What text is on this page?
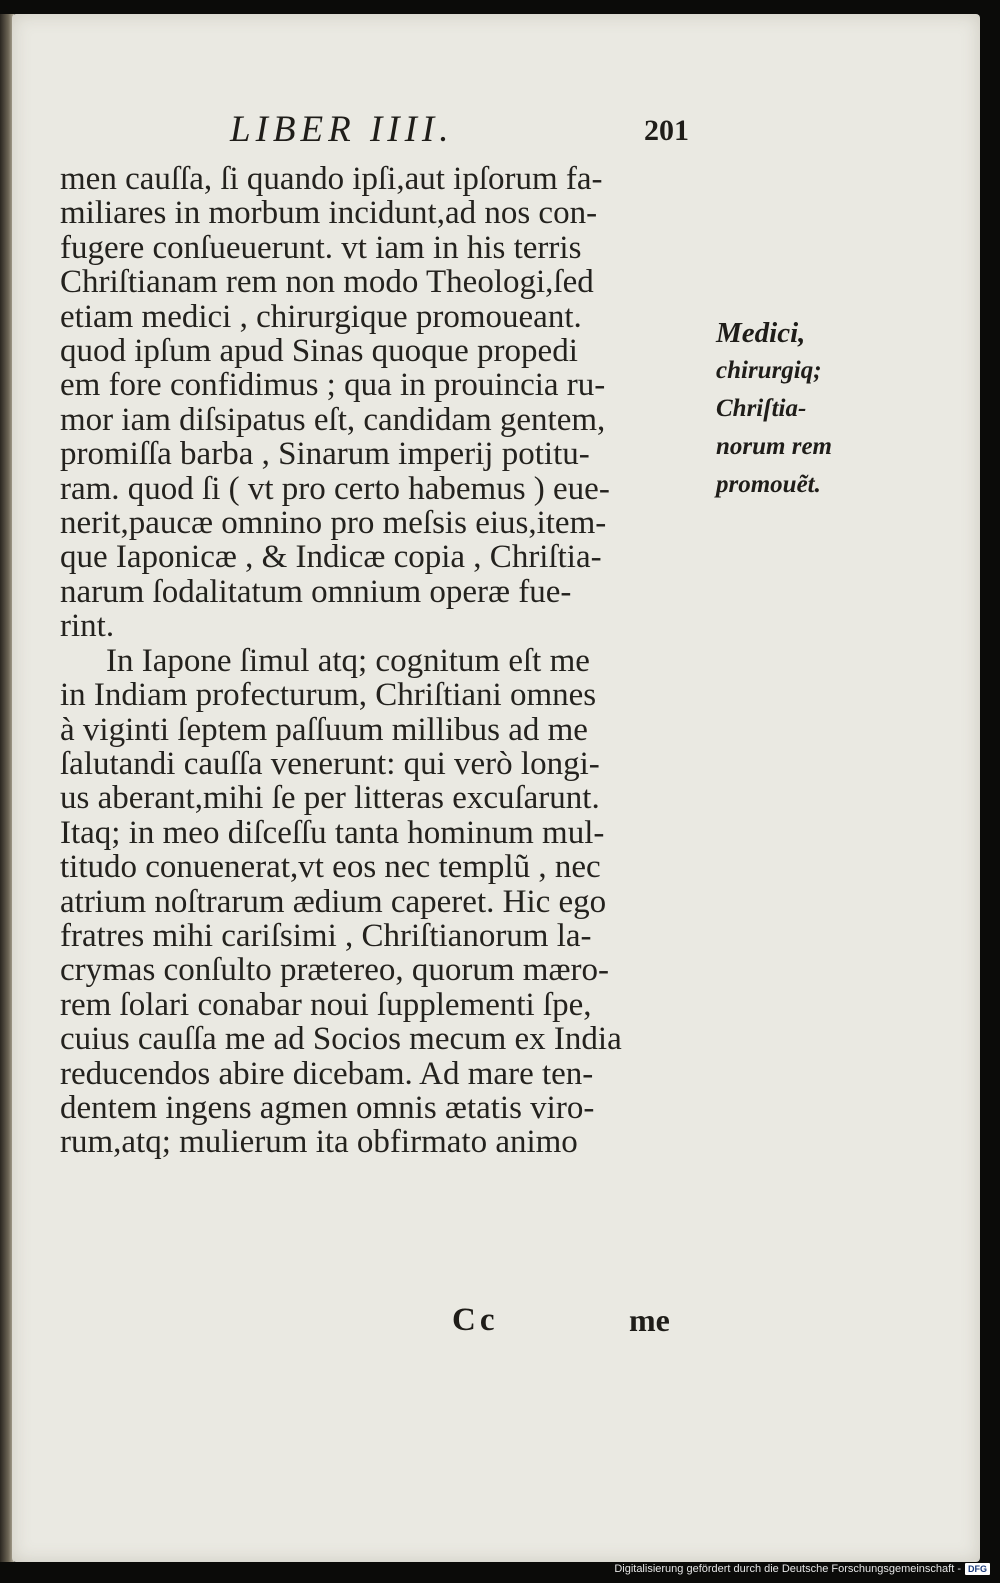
LIBER IIII.	201
men cauſſa, ſi quando ipſi,aut ipſorum fa-
miliares in morbum incidunt,ad nos con-
fugere conſueuerunt. vt iam in his terris
Chriſtianam rem non modo Theologi,ſed
etiam medici , chirurgique promoueant.
quod ipſum apud Sinas quoque propedi
em fore confidimus ; qua in prouincia ru-
mor iam diſsipatus eſt, candidam gentem,
promiſſa barba , Sinarum imperij potitu-
ram. quod ſi ( vt pro certo habemus ) eue-
nerit,paucæ omnino pro meſsis eius,item-
que Iaponicæ , & Indicæ copia , Chriſtia-
narum ſodalitatum omnium operæ fue-
rint.
In Iapone ſimul atq; cognitum eſt me
in Indiam profecturum, Chriſtiani omnes
à viginti ſeptem paſſuum millibus ad me
ſalutandi cauſſa venerunt: qui verò longi-
us aberant,mihi ſe per litteras excuſarunt.
Itaq; in meo diſceſſu tanta hominum mul-
titudo conuenerat,vt eos nec templũ , nec
atrium noſtrarum ædium caperet. Hic ego
fratres mihi cariſsimi , Chriſtianorum la-
crymas conſulto prætereo, quorum mæro-
rem ſolari conabar noui ſupplementi ſpe,
cuius cauſſa me ad Socios mecum ex India
reducendos abire dicebam. Ad mare ten-
dentem ingens agmen omnis ætatis viro-
rum,atq; mulierum ita obfirmato animo
Medici,
chirurgiq;
Chriſtia-
norum rem
promouẽt.
Cc	me
Digitalisierung gefördert durch die Deutsche Forschungsgemeinschaft - DFG
